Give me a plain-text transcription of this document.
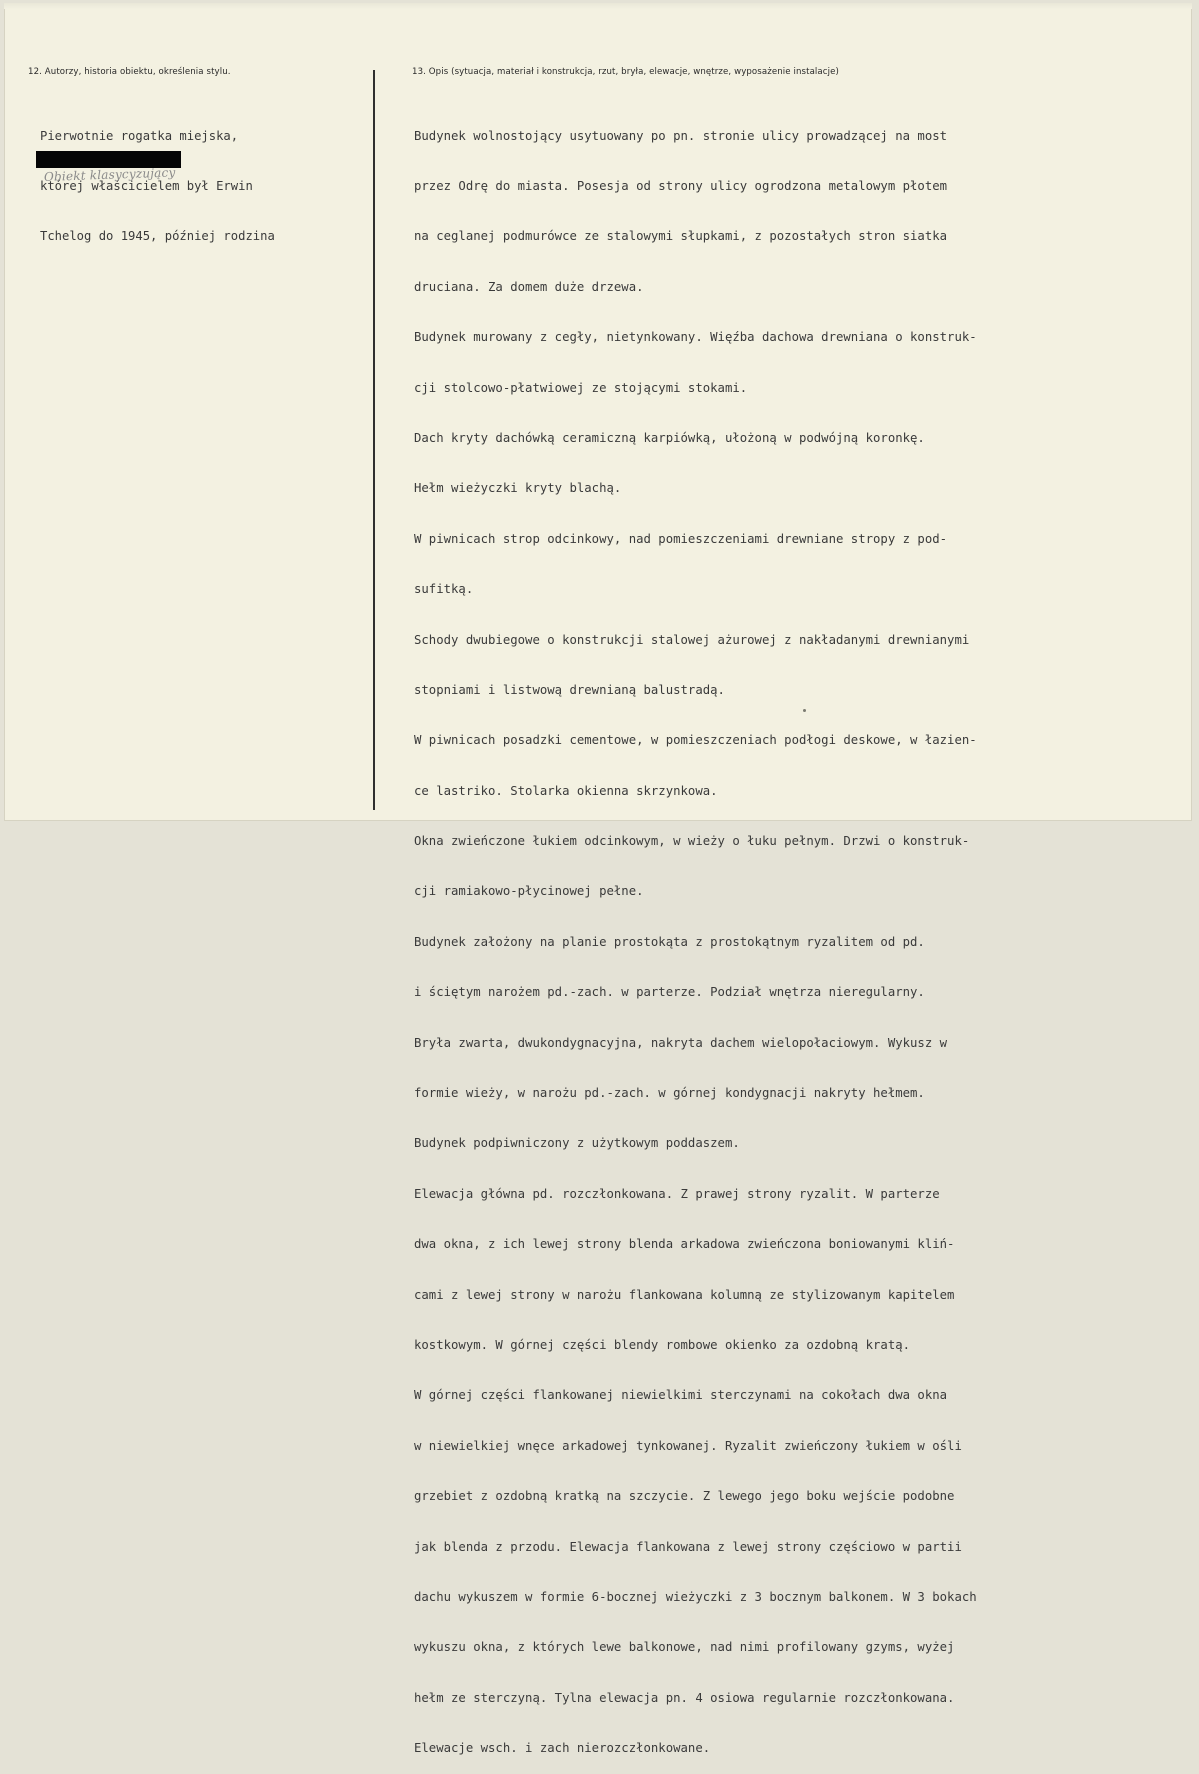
12. Autorzy, historia obiektu, określenia stylu.	13. Opis (sytuacja, materiał i konstrukcja, rzut, bryła, elewacje, wnętrze, wyposażenie instalacje)

Pierwotnie rogatka miejska,

której właścicielem był Erwin

Tchelog do 1945, później rodzina

Obiekt klasycyzujący

Budynek wolnostojący usytuowany po pn. stronie ulicy prowadzącej na most

przez Odrę do miasta. Posesja od strony ulicy ogrodzona metalowym płotem

na ceglanej podmurówce ze stalowymi słupkami, z pozostałych stron siatka

druciana. Za domem duże drzewa.

Budynek murowany z cegły, nietynkowany. Więźba dachowa drewniana o konstruk-

cji stolcowo-płatwiowej ze stojącymi stokami.

Dach kryty dachówką ceramiczną karpiówką, ułożoną w podwójną koronkę.

Hełm wieżyczki kryty blachą.

W piwnicach strop odcinkowy, nad pomieszczeniami drewniane stropy z pod-

sufitką.

Schody dwubiegowe o konstrukcji stalowej ażurowej z nakładanymi drewnianymi

stopniami i listwową drewnianą balustradą.

W piwnicach posadzki cementowe, w pomieszczeniach podłogi deskowe, w łazien-

ce lastriko. Stolarka okienna skrzynkowa.

Okna zwieńczone łukiem odcinkowym, w wieży o łuku pełnym. Drzwi o konstruk-

cji ramiakowo-płycinowej pełne.

Budynek założony na planie prostokąta z prostokątnym ryzalitem od pd.

i ściętym narożem pd.-zach. w parterze. Podział wnętrza nieregularny.

Bryła zwarta, dwukondygnacyjna, nakryta dachem wielopołaciowym. Wykusz w

formie wieży, w narożu pd.-zach. w górnej kondygnacji nakryty hełmem.

Budynek podpiwniczony z użytkowym poddaszem.

Elewacja główna pd. rozczłonkowana. Z prawej strony ryzalit. W parterze

dwa okna, z ich lewej strony blenda arkadowa zwieńczona boniowanymi kliń-

cami z lewej strony w narożu flankowana kolumną ze stylizowanym kapitelem

kostkowym. W górnej części blendy rombowe okienko za ozdobną kratą.

W górnej części flankowanej niewielkimi sterczynami na cokołach dwa okna

w niewielkiej wnęce arkadowej tynkowanej. Ryzalit zwieńczony łukiem w ośli

grzebiet z ozdobną kratką na szczycie. Z lewego jego boku wejście podobne

jak blenda z przodu. Elewacja flankowana z lewej strony częściowo w partii

dachu wykuszem w formie 6-bocznej wieżyczki z 3 bocznym balkonem. W 3 bokach

wykuszu okna, z których lewe balkonowe, nad nimi profilowany gzyms, wyżej

hełm ze sterczyną. Tylna elewacja pn. 4 osiowa regularnie rozczłonkowana.

Elewacje wsch. i zach nierozczłonkowane.
